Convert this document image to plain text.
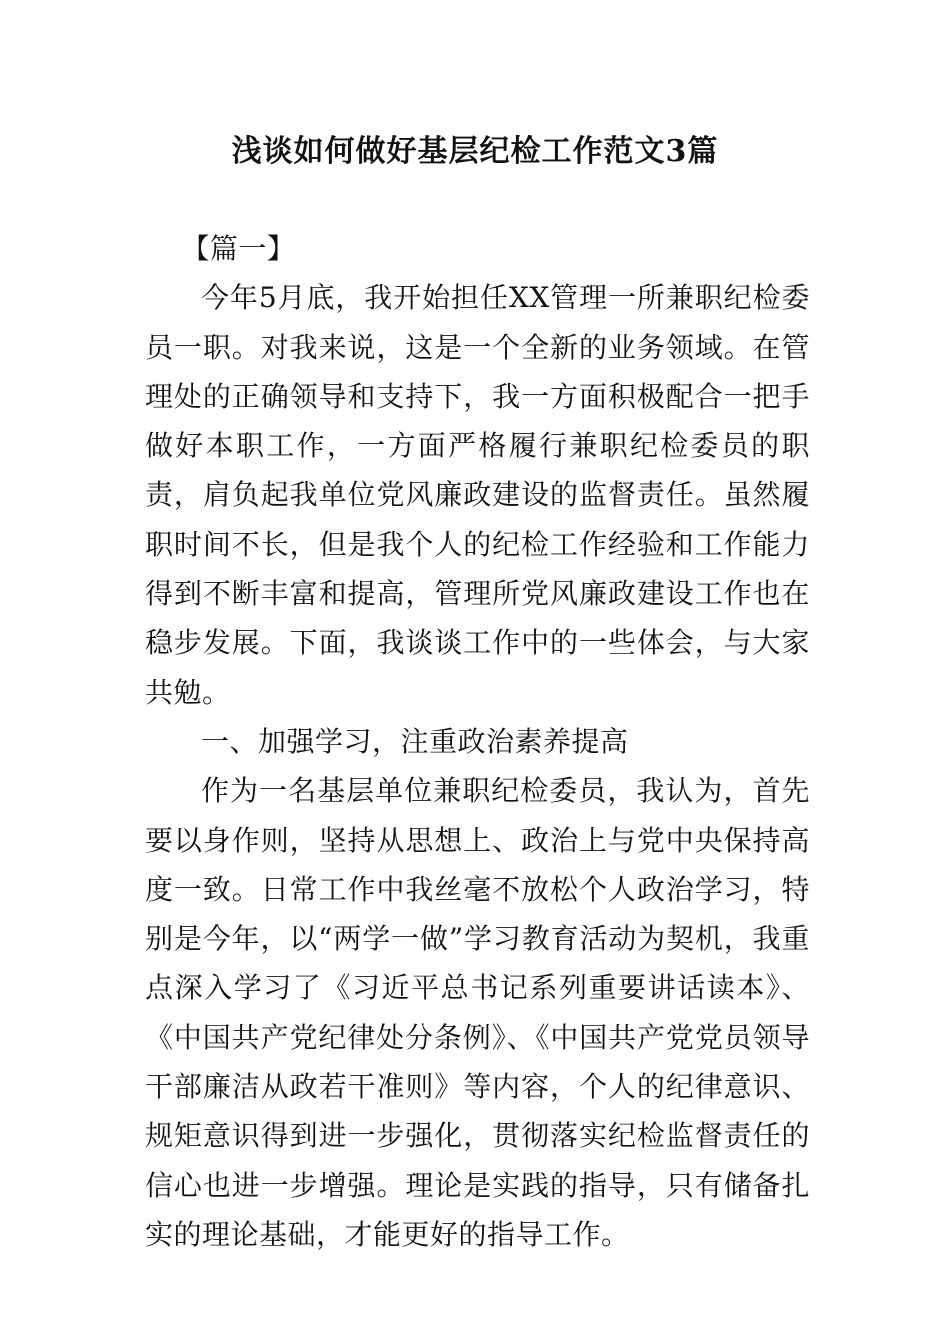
浅谈如何做好基层纪检工作范文3篇

【篇一】

今年5月底，我开始担任XX管理一所兼职纪检委员一职。对我来说，这是一个全新的业务领域。在管理处的正确领导和支持下，我一方面积极配合一把手做好本职工作，一方面严格履行兼职纪检委员的职责，肩负起我单位党风廉政建设的监督责任。虽然履职时间不长，但是我个人的纪检工作经验和工作能力得到不断丰富和提高，管理所党风廉政建设工作也在稳步发展。下面，我谈谈工作中的一些体会，与大家共勉。

一、加强学习，注重政治素养提高

作为一名基层单位兼职纪检委员，我认为，首先要以身作则，坚持从思想上、政治上与党中央保持高度一致。日常工作中我丝毫不放松个人政治学习，特别是今年，以“两学一做”学习教育活动为契机，我重点深入学习了《习近平总书记系列重要讲话读本》、《中国共产党纪律处分条例》、《中国共产党党员领导干部廉洁从政若干准则》等内容，个人的纪律意识、规矩意识得到进一步强化，贯彻落实纪检监督责任的信心也进一步增强。理论是实践的指导，只有储备扎实的理论基础，才能更好的指导工作。
